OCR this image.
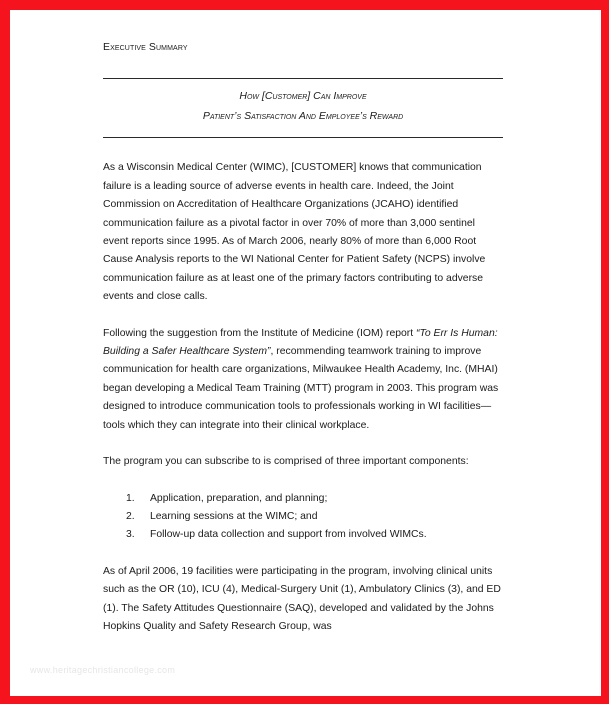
www.heritagechristiancollege.com
Executive Summary
How [Customer] Can Improve
Patient’s Satisfaction And Employee’s Reward

As a Wisconsin Medical Center (WIMC), [CUSTOMER] knows that communication failure is a leading source of adverse events in health care. Indeed, the Joint Commission on Accreditation of Healthcare Organizations (JCAHO) identified communication failure as a pivotal factor in over 70% of more than 3,000 sentinel event reports since 1995. As of March 2006, nearly 80% of more than 6,000 Root Cause Analysis reports to the WI National Center for Patient Safety (NCPS) involve communication failure as at least one of the primary factors contributing to adverse events and close calls.

Following the suggestion from the Institute of Medicine (IOM) report “To Err Is Human: Building a Safer Healthcare System”, recommending teamwork training to improve communication for health care organizations, Milwaukee Health Academy, Inc. (MHAI) began developing a Medical Team Training (MTT) program in 2003. This program was designed to introduce communication tools to professionals working in WI facilities—tools which they can integrate into their clinical workplace.

The program you can subscribe to is comprised of three important components:

1. Application, preparation, and planning;
2. Learning sessions at the WIMC; and
3. Follow-up data collection and support from involved WIMCs.

As of April 2006, 19 facilities were participating in the program, involving clinical units such as the OR (10), ICU (4), Medical-Surgery Unit (1), Ambulatory Clinics (3), and ED (1). The Safety Attitudes Questionnaire (SAQ), developed and validated by the Johns Hopkins Quality and Safety Research Group, was
